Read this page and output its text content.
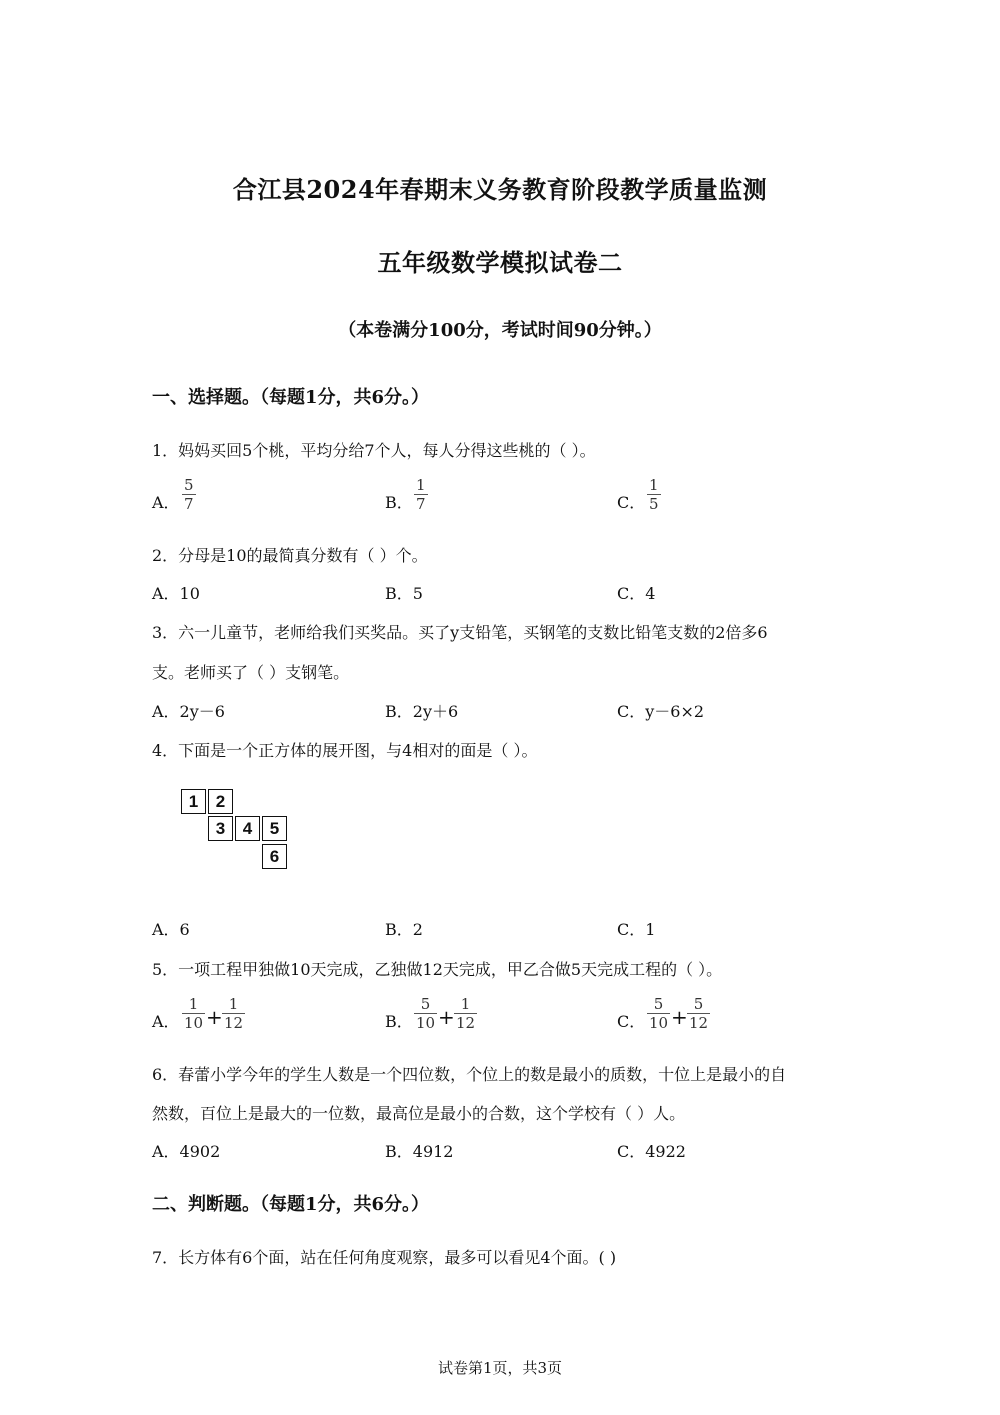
合江县2024年春期末义务教育阶段教学质量监测
五年级数学模拟试卷二
（本卷满分100分，考试时间90分钟。）
一、选择题。（每题1分，共6分。）
1．妈妈买回5个桃，平均分给7个人，每人分得这些桃的（ ）。
A． $\frac{5}{7}$	B． $\frac{1}{7}$	C． $\frac{1}{5}$
2．分母是10的最简真分数有（ ）个。
A．10	B．5	C．4
3．六一儿童节，老师给我们买奖品。买了y支铅笔，买钢笔的支数比铅笔支数的2倍多6
支。老师买了（ ）支钢笔。
A．2y－6	B．2y＋6	C．y－6×2
4．下面是一个正方体的展开图，与4相对的面是（ ）。
1	2
3	4	5
6
A．6	B．2	C．1
5．一项工程甲独做10天完成，乙独做12天完成，甲乙合做5天完成工程的（ ）。
A． $\frac{1}{10} + \frac{1}{12}$	B． $\frac{5}{10} + \frac{1}{12}$	C． $\frac{5}{10} + \frac{5}{12}$
6．春蕾小学今年的学生人数是一个四位数，个位上的数是最小的质数，十位上是最小的自
然数，百位上是最大的一位数，最高位是最小的合数，这个学校有（ ）人。
A．4902	B．4912	C．4922
二、判断题。（每题1分，共6分。）
7．长方体有6个面，站在任何角度观察，最多可以看见4个面。( )
试卷第1页，共3页
